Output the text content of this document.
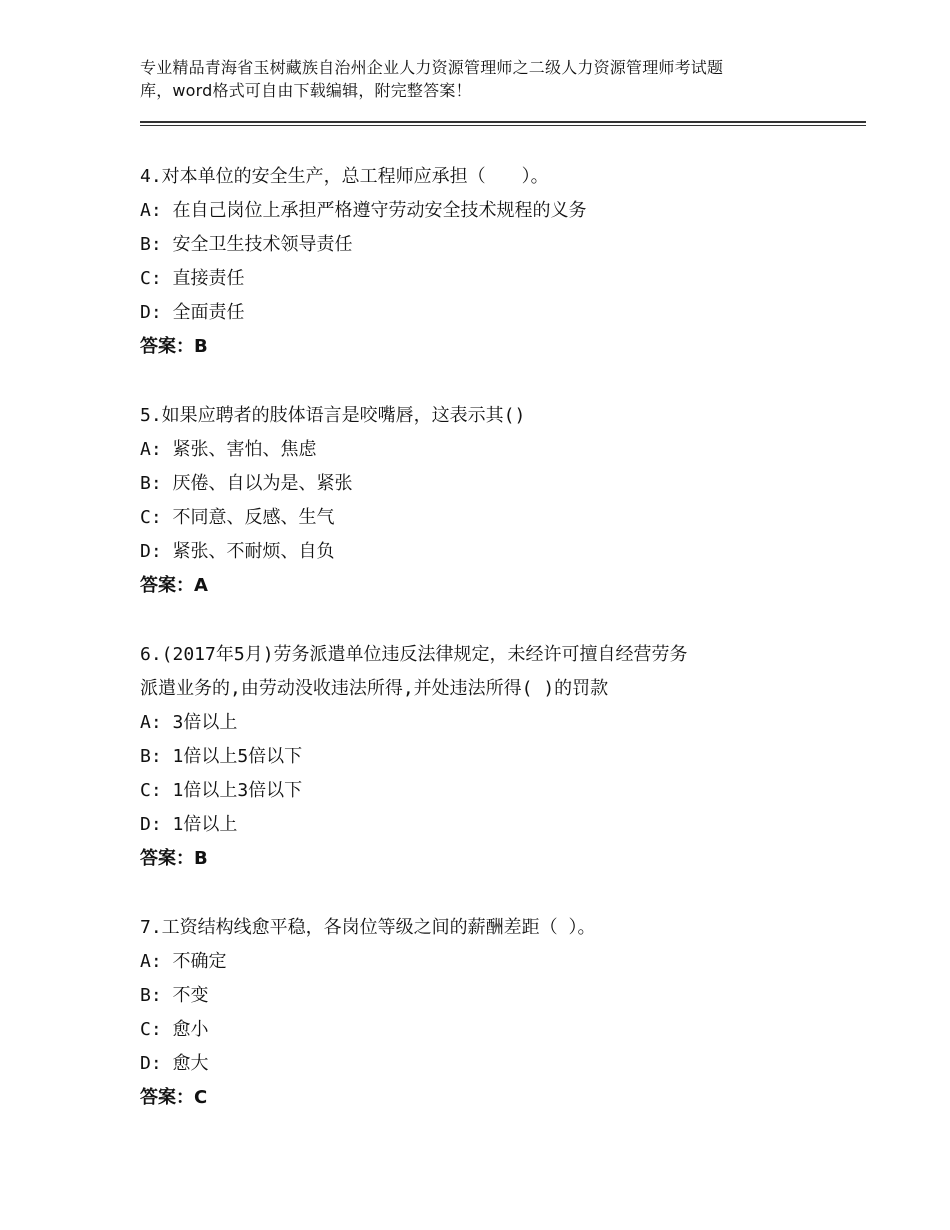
专业精品青海省玉树藏族自治州企业人力资源管理师之二级人力资源管理师考试题
库，word格式可自由下载编辑，附完整答案！
4.对本单位的安全生产，总工程师应承担（　　）。
A: 在自己岗位上承担严格遵守劳动安全技术规程的义务
B: 安全卫生技术领导责任
C: 直接责任
D: 全面责任
答案：B
5.如果应聘者的肢体语言是咬嘴唇，这表示其()
A: 紧张、害怕、焦虑
B: 厌倦、自以为是、紧张
C: 不同意、反感、生气
D: 紧张、不耐烦、自负
答案：A
6.(2017年5月)劳务派遣单位违反法律规定，未经许可擅自经营劳务
派遣业务的,由劳动没收违法所得,并处违法所得( )的罚款
A: 3倍以上
B: 1倍以上5倍以下
C: 1倍以上3倍以下
D: 1倍以上
答案：B
7.工资结构线愈平稳，各岗位等级之间的薪酬差距（ ）。
A: 不确定
B: 不变
C: 愈小
D: 愈大
答案：C
